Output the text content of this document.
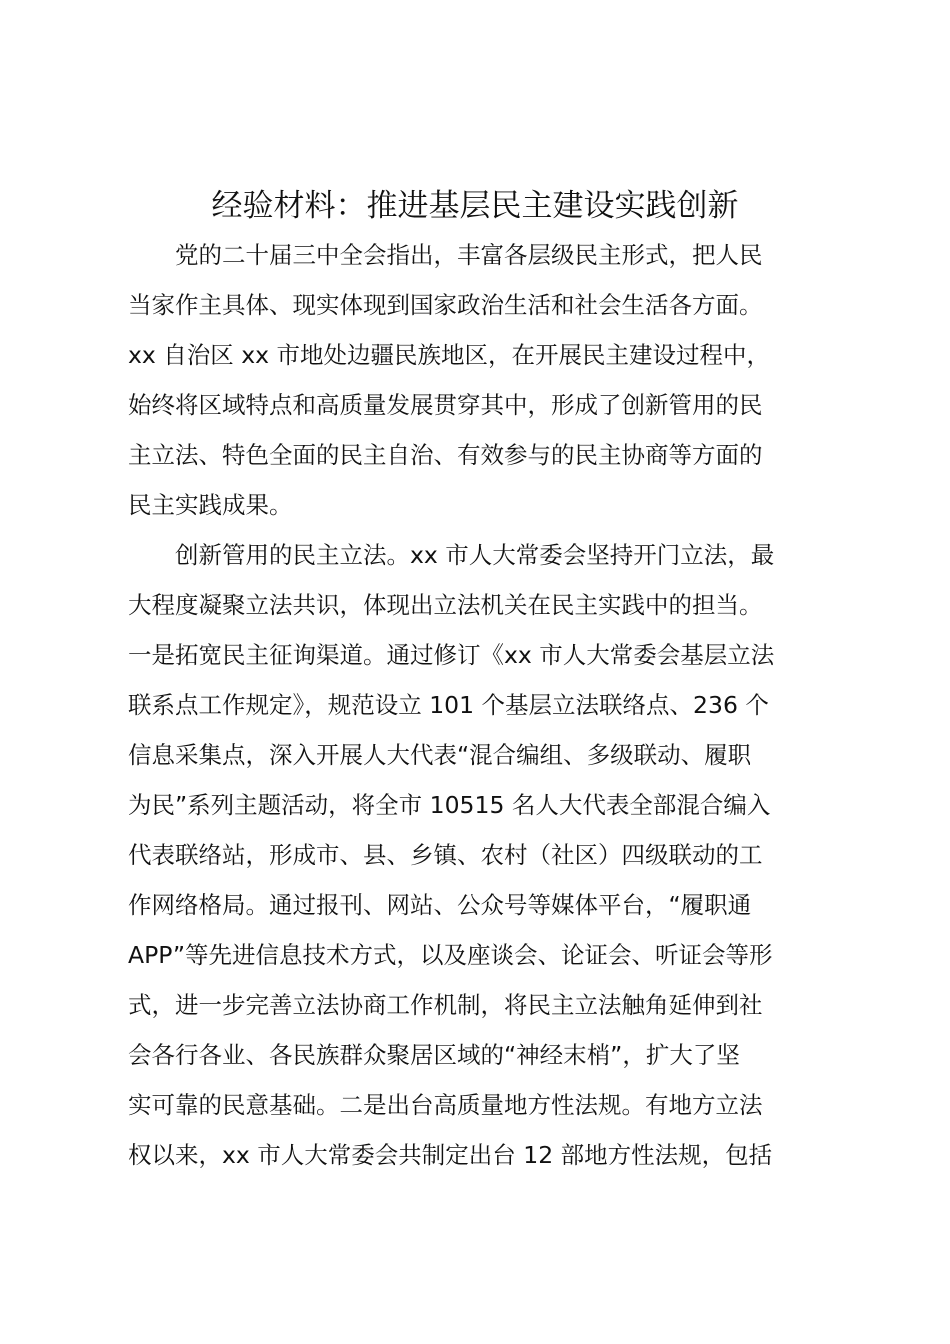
经验材料：推进基层民主建设实践创新
党的二十届三中全会指出，丰富各层级民主形式，把人民
当家作主具体、现实体现到国家政治生活和社会生活各方面。
xx 自治区 xx 市地处边疆民族地区，在开展民主建设过程中，
始终将区域特点和高质量发展贯穿其中，形成了创新管用的民
主立法、特色全面的民主自治、有效参与的民主协商等方面的
民主实践成果。
创新管用的民主立法。xx 市人大常委会坚持开门立法，最
大程度凝聚立法共识，体现出立法机关在民主实践中的担当。
一是拓宽民主征询渠道。通过修订《xx 市人大常委会基层立法
联系点工作规定》，规范设立 101 个基层立法联络点、236 个
信息采集点，深入开展人大代表“混合编组、多级联动、履职
为民”系列主题活动，将全市 10515 名人大代表全部混合编入
代表联络站，形成市、县、乡镇、农村（社区）四级联动的工
作网络格局。通过报刊、网站、公众号等媒体平台，“履职通
APP”等先进信息技术方式，以及座谈会、论证会、听证会等形
式，进一步完善立法协商工作机制，将民主立法触角延伸到社
会各行各业、各民族群众聚居区域的“神经末梢”，扩大了坚
实可靠的民意基础。二是出台高质量地方性法规。有地方立法
权以来，xx 市人大常委会共制定出台 12 部地方性法规，包括
